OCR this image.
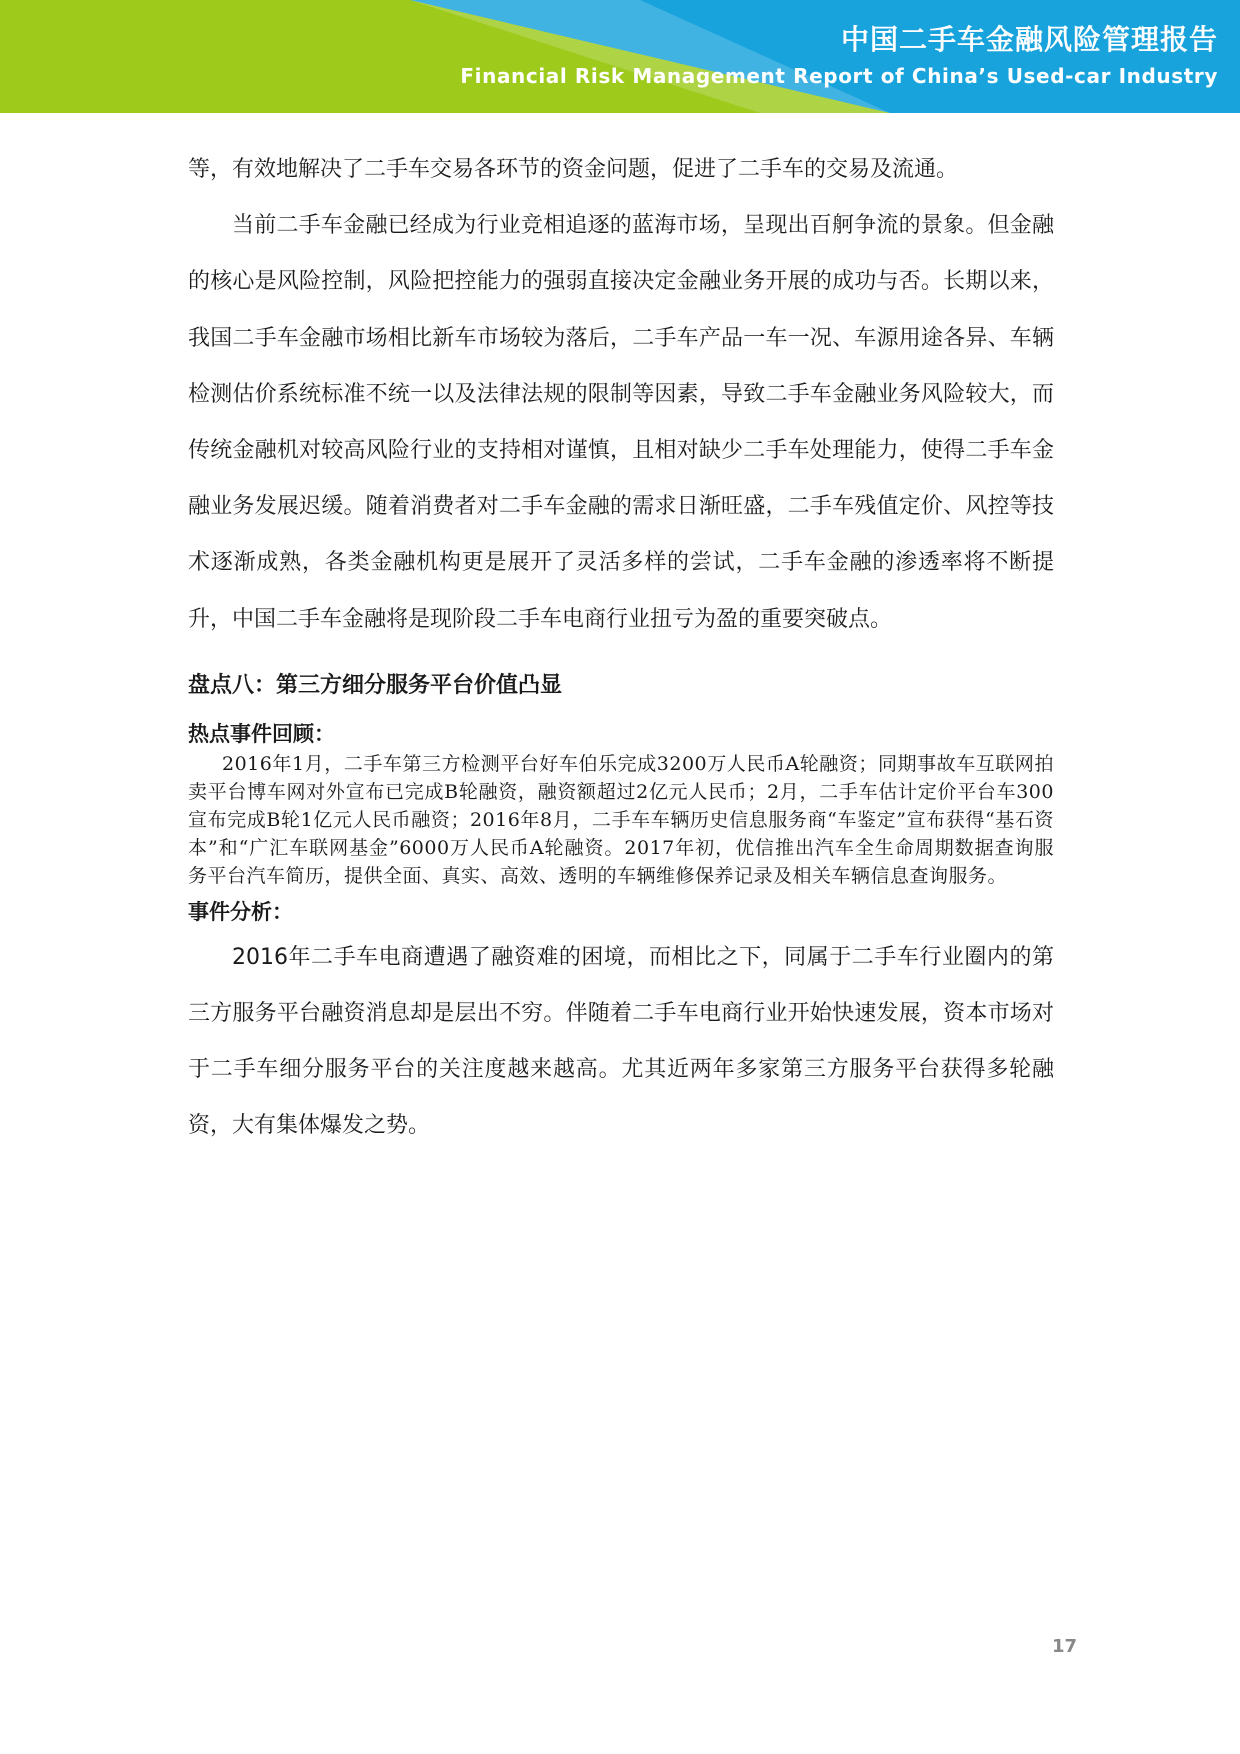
中国二手车金融风险管理报告
Financial Risk Management Report of China’s Used-car Industry

等，有效地解决了二手车交易各环节的资金问题，促进了二手车的交易及流通。

当前二手车金融已经成为行业竞相追逐的蓝海市场，呈现出百舸争流的景象。但金融的核心是风险控制，风险把控能力的强弱直接决定金融业务开展的成功与否。长期以来，我国二手车金融市场相比新车市场较为落后，二手车产品一车一况、车源用途各异、车辆检测估价系统标准不统一以及法律法规的限制等因素，导致二手车金融业务风险较大，而传统金融机对较高风险行业的支持相对谨慎，且相对缺少二手车处理能力，使得二手车金融业务发展迟缓。随着消费者对二手车金融的需求日渐旺盛，二手车残值定价、风控等技术逐渐成熟，各类金融机构更是展开了灵活多样的尝试，二手车金融的渗透率将不断提升，中国二手车金融将是现阶段二手车电商行业扭亏为盈的重要突破点。

盘点八：第三方细分服务平台价值凸显
热点事件回顾：

2016年1月，二手车第三方检测平台好车伯乐完成3200万人民币A轮融资；同期事故车互联网拍卖平台博车网对外宣布已完成B轮融资，融资额超过2亿元人民币；2月，二手车估计定价平台车300宣布完成B轮1亿元人民币融资；2016年8月，二手车车辆历史信息服务商“车鉴定”宣布获得“基石资本”和“广汇车联网基金”6000万人民币A轮融资。2017年初，优信推出汽车全生命周期数据查询服务平台汽车简历，提供全面、真实、高效、透明的车辆维修保养记录及相关车辆信息查询服务。

事件分析：

2016年二手车电商遭遇了融资难的困境，而相比之下，同属于二手车行业圈内的第三方服务平台融资消息却是层出不穷。伴随着二手车电商行业开始快速发展，资本市场对于二手车细分服务平台的关注度越来越高。尤其近两年多家第三方服务平台获得多轮融资，大有集体爆发之势。

17
